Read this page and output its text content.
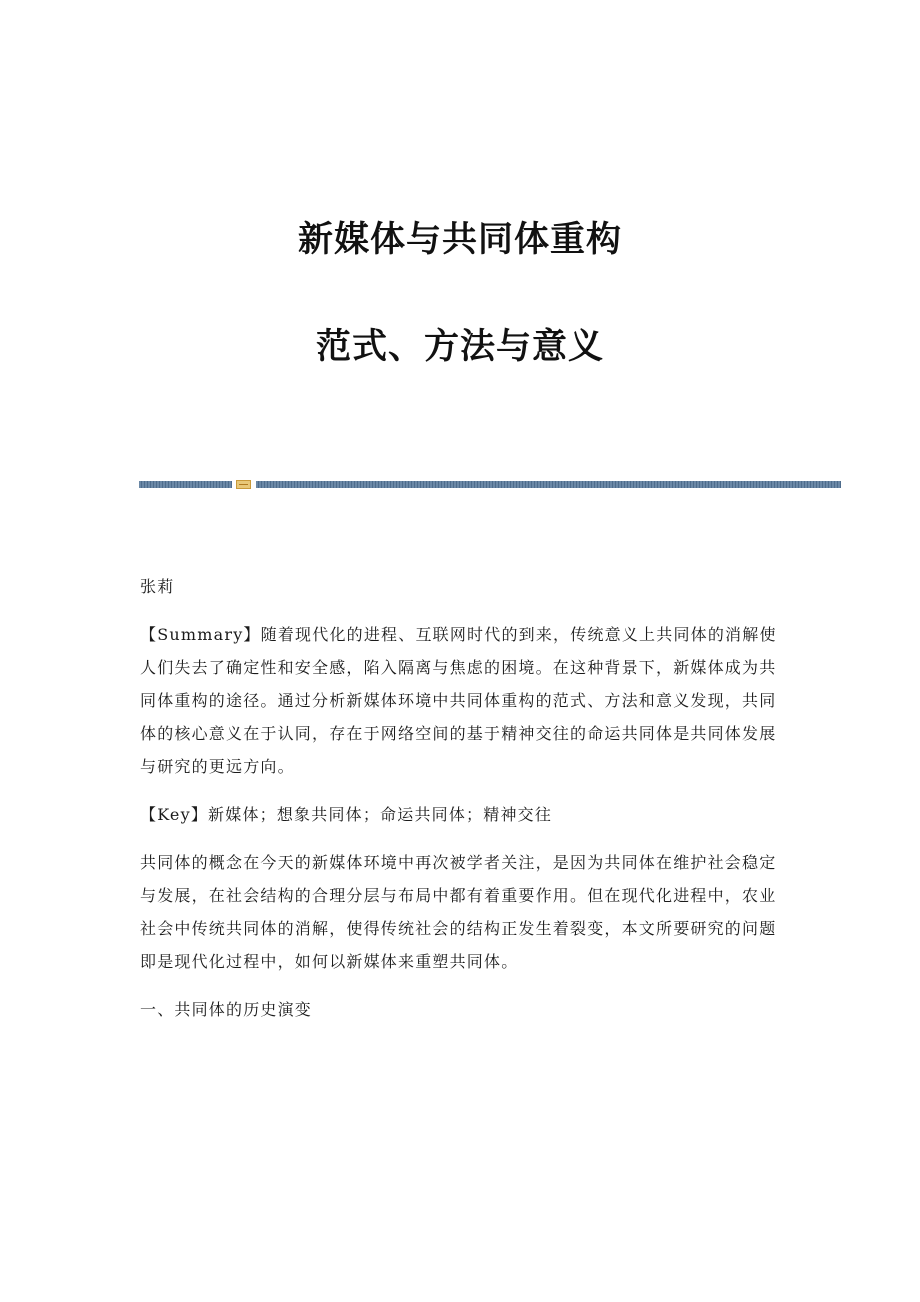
新媒体与共同体重构
范式、方法与意义

张莉

【Summary】随着现代化的进程、互联网时代的到来，传统意义上共同体的消解使人们失去了确定性和安全感，陷入隔离与焦虑的困境。在这种背景下，新媒体成为共同体重构的途径。通过分析新媒体环境中共同体重构的范式、方法和意义发现，共同体的核心意义在于认同，存在于网络空间的基于精神交往的命运共同体是共同体发展与研究的更远方向。

【Key】新媒体；想象共同体；命运共同体；精神交往

共同体的概念在今天的新媒体环境中再次被学者关注，是因为共同体在维护社会稳定与发展，在社会结构的合理分层与布局中都有着重要作用。但在现代化进程中，农业社会中传统共同体的消解，使得传统社会的结构正发生着裂变，本文所要研究的问题即是现代化过程中，如何以新媒体来重塑共同体。

一、共同体的历史演变
